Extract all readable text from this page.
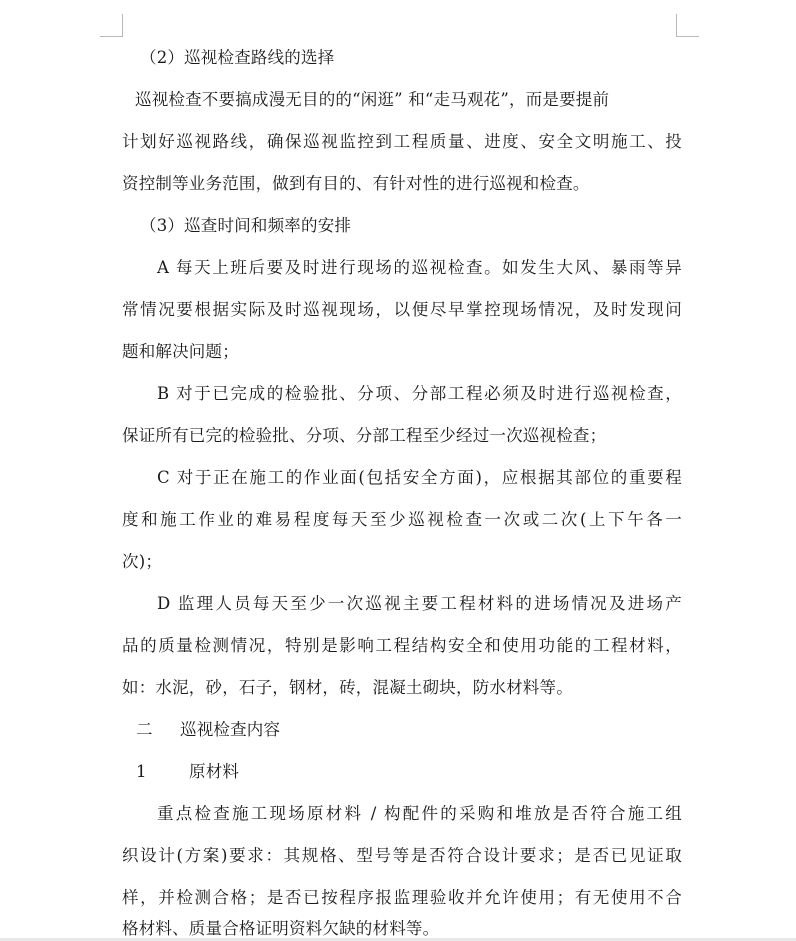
（2）巡视检查路线的选择
巡视检查不要搞成漫无目的的“闲逛” 和“走马观花”，而是要提前
计划好巡视路线，确保巡视监控到工程质量、进度、安全文明施工、投
资控制等业务范围，做到有目的、有针对性的进行巡视和检查。
（3）巡查时间和频率的安排
A 每天上班后要及时进行现场的巡视检查。如发生大风、暴雨等异
常情况要根据实际及时巡视现场，以便尽早掌控现场情况，及时发现问
题和解决问题；
B 对于已完成的检验批、分项、分部工程必须及时进行巡视检查，
保证所有已完的检验批、分项、分部工程至少经过一次巡视检查；
C 对于正在施工的作业面(包括安全方面)，应根据其部位的重要程
度和施工作业的难易程度每天至少巡视检查一次或二次(上下午各一
次)；
D 监理人员每天至少一次巡视主要工程材料的进场情况及进场产
品的质量检测情况，特别是影响工程结构安全和使用功能的工程材料，
如：水泥，砂，石子，钢材，砖，混凝土砌块，防水材料等。
二	巡视检查内容
1	原材料
重点检查施工现场原材料 / 构配件的采购和堆放是否符合施工组
织设计(方案)要求：其规格、型号等是否符合设计要求；是否已见证取
样，并检测合格；是否已按程序报监理验收并允许使用；有无使用不合
格材料、质量合格证明资料欠缺的材料等。
